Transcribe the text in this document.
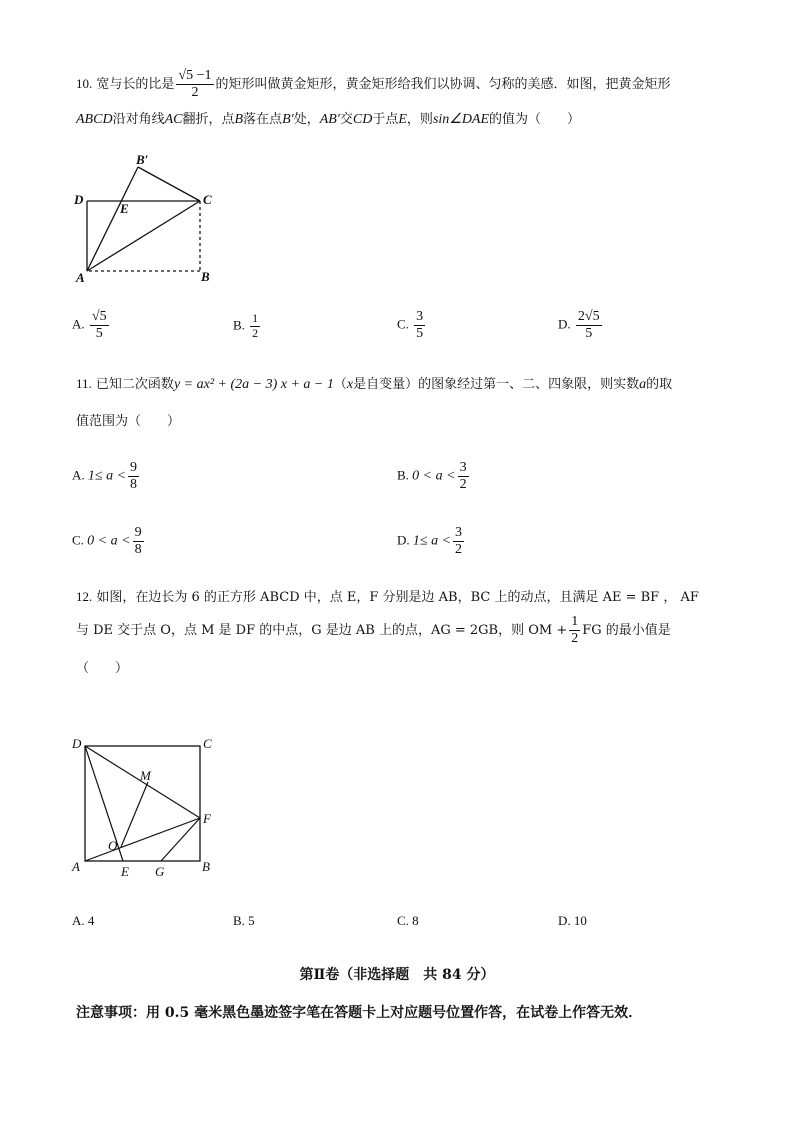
10. 宽与长的比是 $\frac{√5 -1}{2}$ 的矩形叫做黄金矩形，黄金矩形给我们以协调、匀称的美感．如图，把黄金矩形
ABCD沿对角线AC翻折，点B落在点B′处，AB′交CD于点E，则sin∠DAE的值为（　　）
B′
D
E
C
A	B
A. $\frac{√5}{5}$	B. $\frac{1}{2}$	C. $\frac{3}{5}$	D. $\frac{2√5}{5}$
11. 已知二次函数y = ax² + (2a − 3) x + a − 1（x是自变量）的图象经过第一、二、四象限，则实数a的取
值范围为（　　）
A. $1\le a < \frac{9}{8}$	B. $0 < a < \frac{3}{2}$
C. $0 < a < \frac{9}{8}$	D. $1\le a < \frac{3}{2}$
12. 如图，在边长为 6 的正方形 ABCD 中，点 E，F 分别是边 AB，BC 上的动点，且满足 AE = BF ， AF
与 DE 交于点 O，点 M 是 DF 的中点，G 是边 AB 上的点，AG = 2GB，则 OM + $\frac{1}{2}$ FG 的最小值是
（　　）
D	C
M
F
O
A	E G	B
A. 4	B. 5	C. 8	D. 10
第Ⅱ卷（非选择题　共 84 分）
注意事项：用 0.5 毫米黑色墨迹签字笔在答题卡上对应题号位置作答，在试卷上作答无效．
